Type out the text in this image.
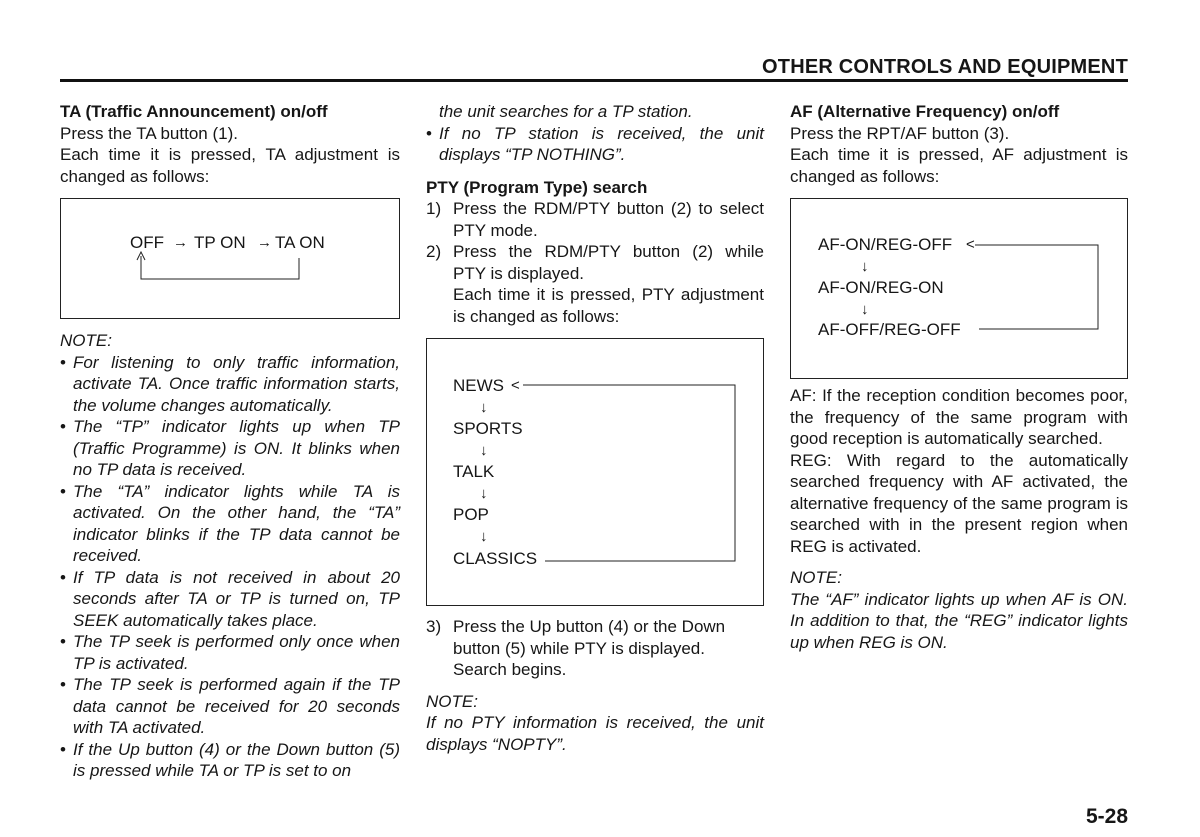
OTHER CONTROLS AND EQUIPMENT

TA (Traffic Announcement) on/off

Press the TA button (1).

Each time it is pressed, TA adjustment is changed as follows:

OFF → TP ON → TA ON

NOTE:

• For listening to only traffic information, activate TA. Once traffic information starts, the volume changes automatically.
• The “TP” indicator lights up when TP (Traffic Programme) is ON. It blinks when no TP data is received.
• The “TA” indicator lights while TA is activated. On the other hand, the “TA” indicator blinks if the TP data cannot be received.
• If TP data is not received in about 20 seconds after TA or TP is turned on, TP SEEK automatically takes place.
• The TP seek is performed only once when TP is activated.
• The TP seek is performed again if the TP data cannot be received for 20 seconds with TA activated.
• If the Up button (4) or the Down button (5) is pressed while TA or TP is set to on

the unit searches for a TP station.

• If no TP station is received, the unit displays “TP NOTHING”.

PTY (Program Type) search

1) Press the RDM/PTY button (2) to select PTY mode.
2) Press the RDM/PTY button (2) while PTY is displayed.
Each time it is pressed, PTY adjustment is changed as follows:
NEWS <
↓
SPORTS
↓
TALK
↓
POP
↓
CLASSICS
3) Press the Up button (4) or the Down button (5) while PTY is displayed.
Search begins.

NOTE:

If no PTY information is received, the unit displays “NOPTY”.

AF (Alternative Frequency) on/off

Press the RPT/AF button (3).

Each time it is pressed, AF adjustment is changed as follows:

AF-ON/REG-OFF <
↓
AF-ON/REG-ON
↓
AF-OFF/REG-OFF

AF: If the reception condition becomes poor, the frequency of the same program with good reception is automatically searched.

REG: With regard to the automatically searched frequency with AF activated, the alternative frequency of the same program is searched with in the present region when REG is activated.

NOTE:

The “AF” indicator lights up when AF is ON. In addition to that, the “REG” indicator lights up when REG is ON.

5-28
